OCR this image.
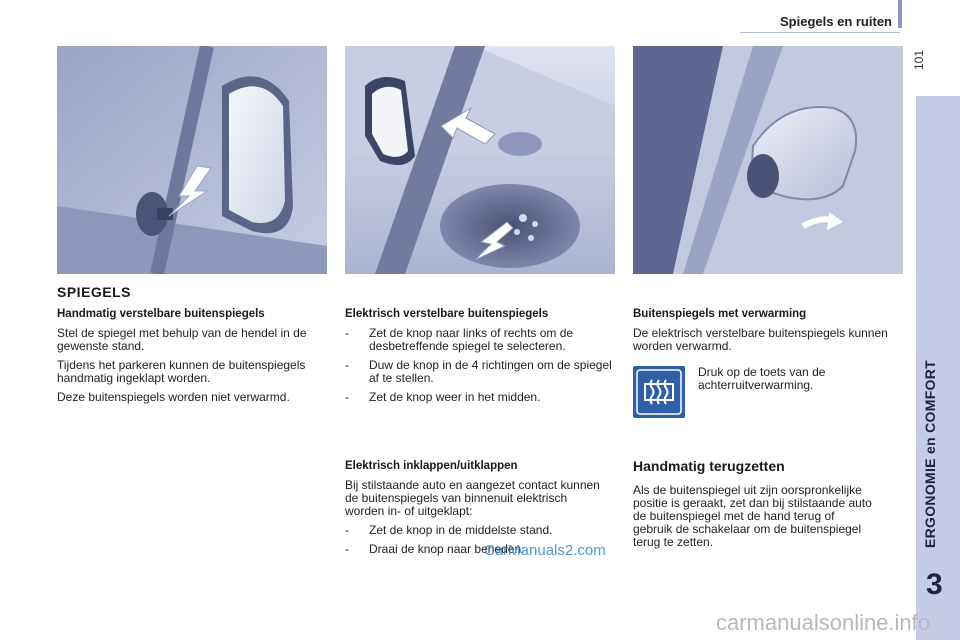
Spiegels en ruiten
101
ERGONOMIE en COMFORT
3
SPIEGELS
Handmatig verstelbare buitenspiegels

Stel de spiegel met behulp van de hendel in de gewenste stand.

Tijdens het parkeren kunnen de buitenspiegels handmatig ingeklapt worden.

Deze buitenspiegels worden niet verwarmd.

Elektrisch verstelbare buitenspiegels
- Zet de knop naar links of rechts om de desbetreffende spiegel te selecteren.
- Duw de knop in de 4 richtingen om de spiegel af te stellen.
- Zet de knop weer in het midden.
Elektrisch inklappen/uitklappen

Bij stilstaande auto en aangezet contact kunnen de buitenspiegels van binnenuit elektrisch worden in- of uitgeklapt:

- Zet de knop in de middelste stand.
- Draai de knop naar beneden.
Buitenspiegels met verwarming

De elektrisch verstelbare buitenspiegels kunnen worden verwarmd.

Druk op de toets van de achterruitverwarming.

Handmatig terugzetten

Als de buitenspiegel uit zijn oorspronkelijke positie is geraakt, zet dan bij stilstaande auto de buitenspiegel met de hand terug of gebruik de schakelaar om de buitenspiegel terug te zetten.

CarManuals2.com
carmanualsonline.info
